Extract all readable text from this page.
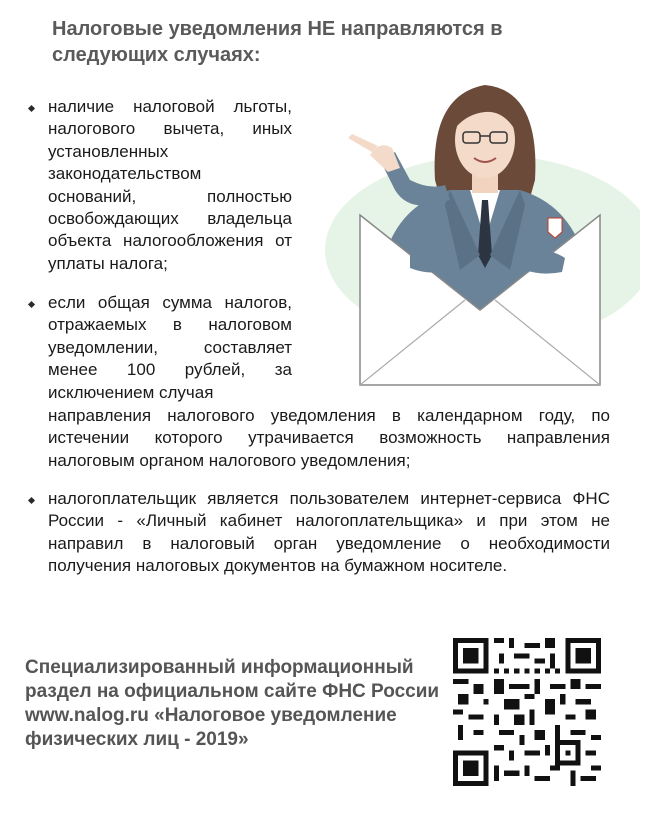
Налоговые уведомления НЕ направляются в следующих случаях:
наличие налоговой льготы, налогового вычета, иных установленных законодательством оснований, полностью освобождающих владельца объекта налогообложения от уплаты налога;
если общая сумма налогов, отражаемых в налоговом уведомлении, составляет менее 100 рублей, за исключением случая
направления налогового уведомления в календарном году, по истечении которого утрачивается возможность направления налоговым органом налогового уведомления;
налогоплательщик является пользователем интернет-сервиса ФНС России - «Личный кабинет налогоплательщика» и при этом не направил в налоговый орган уведомление о необходимости получения налоговых документов на бумажном носителе.
Специализированный информационный раздел на официальном сайте ФНС России www.nalog.ru «Налоговое уведомление физических лиц - 2019»
